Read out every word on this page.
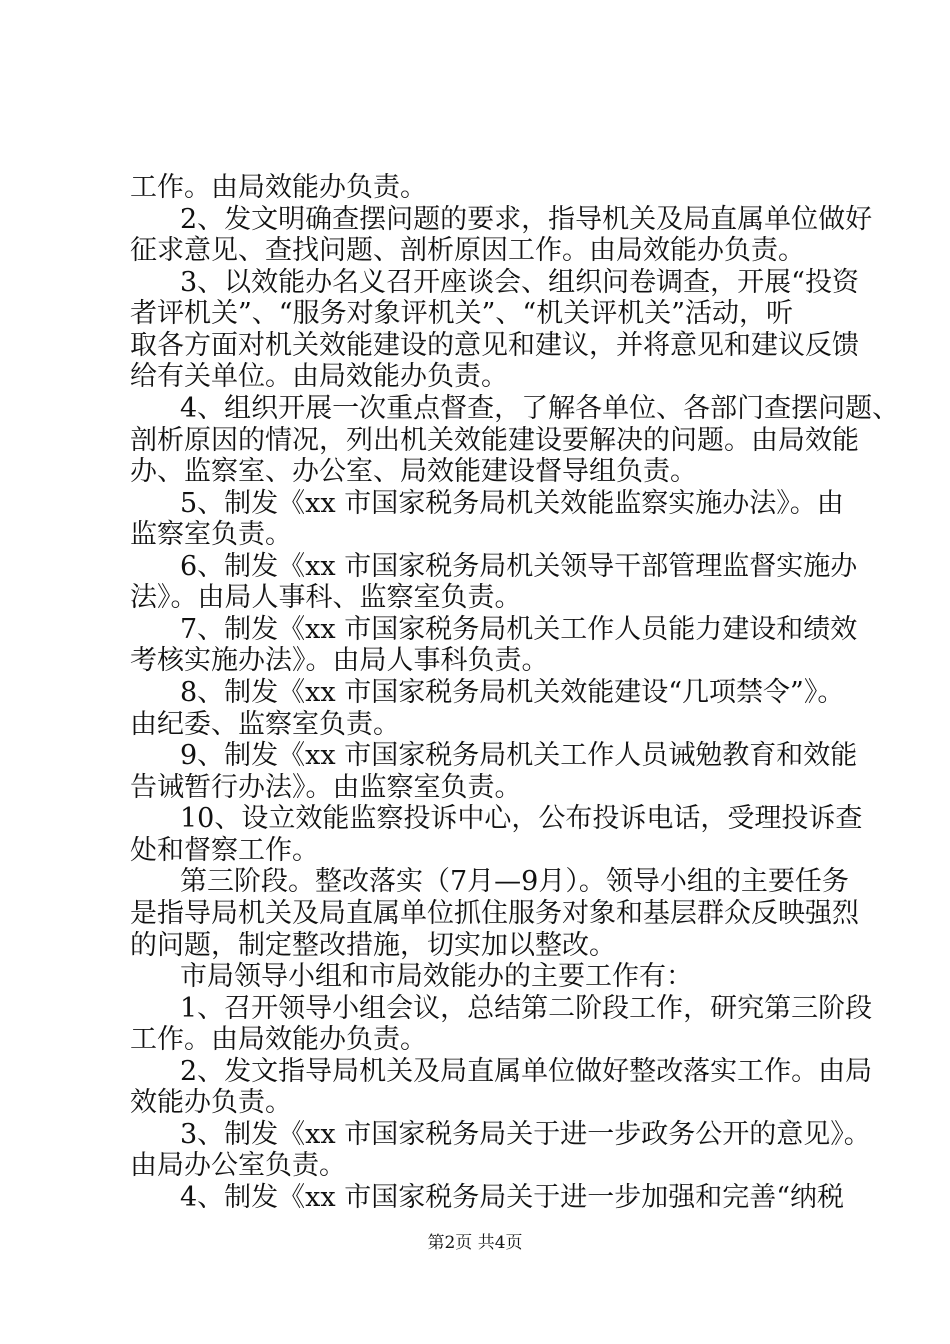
工作。由局效能办负责。
2、发文明确查摆问题的要求，指导机关及局直属单位做好
征求意见、查找问题、剖析原因工作。由局效能办负责。
3、以效能办名义召开座谈会、组织问卷调查，开展“投资
者评机关”、“服务对象评机关”、“机关评机关”活动，听
取各方面对机关效能建设的意见和建议，并将意见和建议反馈
给有关单位。由局效能办负责。
4、组织开展一次重点督查，了解各单位、各部门查摆问题、
剖析原因的情况，列出机关效能建设要解决的问题。由局效能
办、监察室、办公室、局效能建设督导组负责。
5、制发《xx 市国家税务局机关效能监察实施办法》。由
监察室负责。
6、制发《xx 市国家税务局机关领导干部管理监督实施办
法》。由局人事科、监察室负责。
7、制发《xx 市国家税务局机关工作人员能力建设和绩效
考核实施办法》。由局人事科负责。
8、制发《xx 市国家税务局机关效能建设“几项禁令”》。
由纪委、监察室负责。
9、制发《xx 市国家税务局机关工作人员诫勉教育和效能
告诫暂行办法》。由监察室负责。
10、设立效能监察投诉中心，公布投诉电话，受理投诉查
处和督察工作。
第三阶段。整改落实（7月—9月）。领导小组的主要任务
是指导局机关及局直属单位抓住服务对象和基层群众反映强烈
的问题，制定整改措施，切实加以整改。
市局领导小组和市局效能办的主要工作有：
1、召开领导小组会议，总结第二阶段工作，研究第三阶段
工作。由局效能办负责。
2、发文指导局机关及局直属单位做好整改落实工作。由局
效能办负责。
3、制发《xx 市国家税务局关于进一步政务公开的意见》。
由局办公室负责。
4、制发《xx 市国家税务局关于进一步加强和完善“纳税
第2页 共4页
